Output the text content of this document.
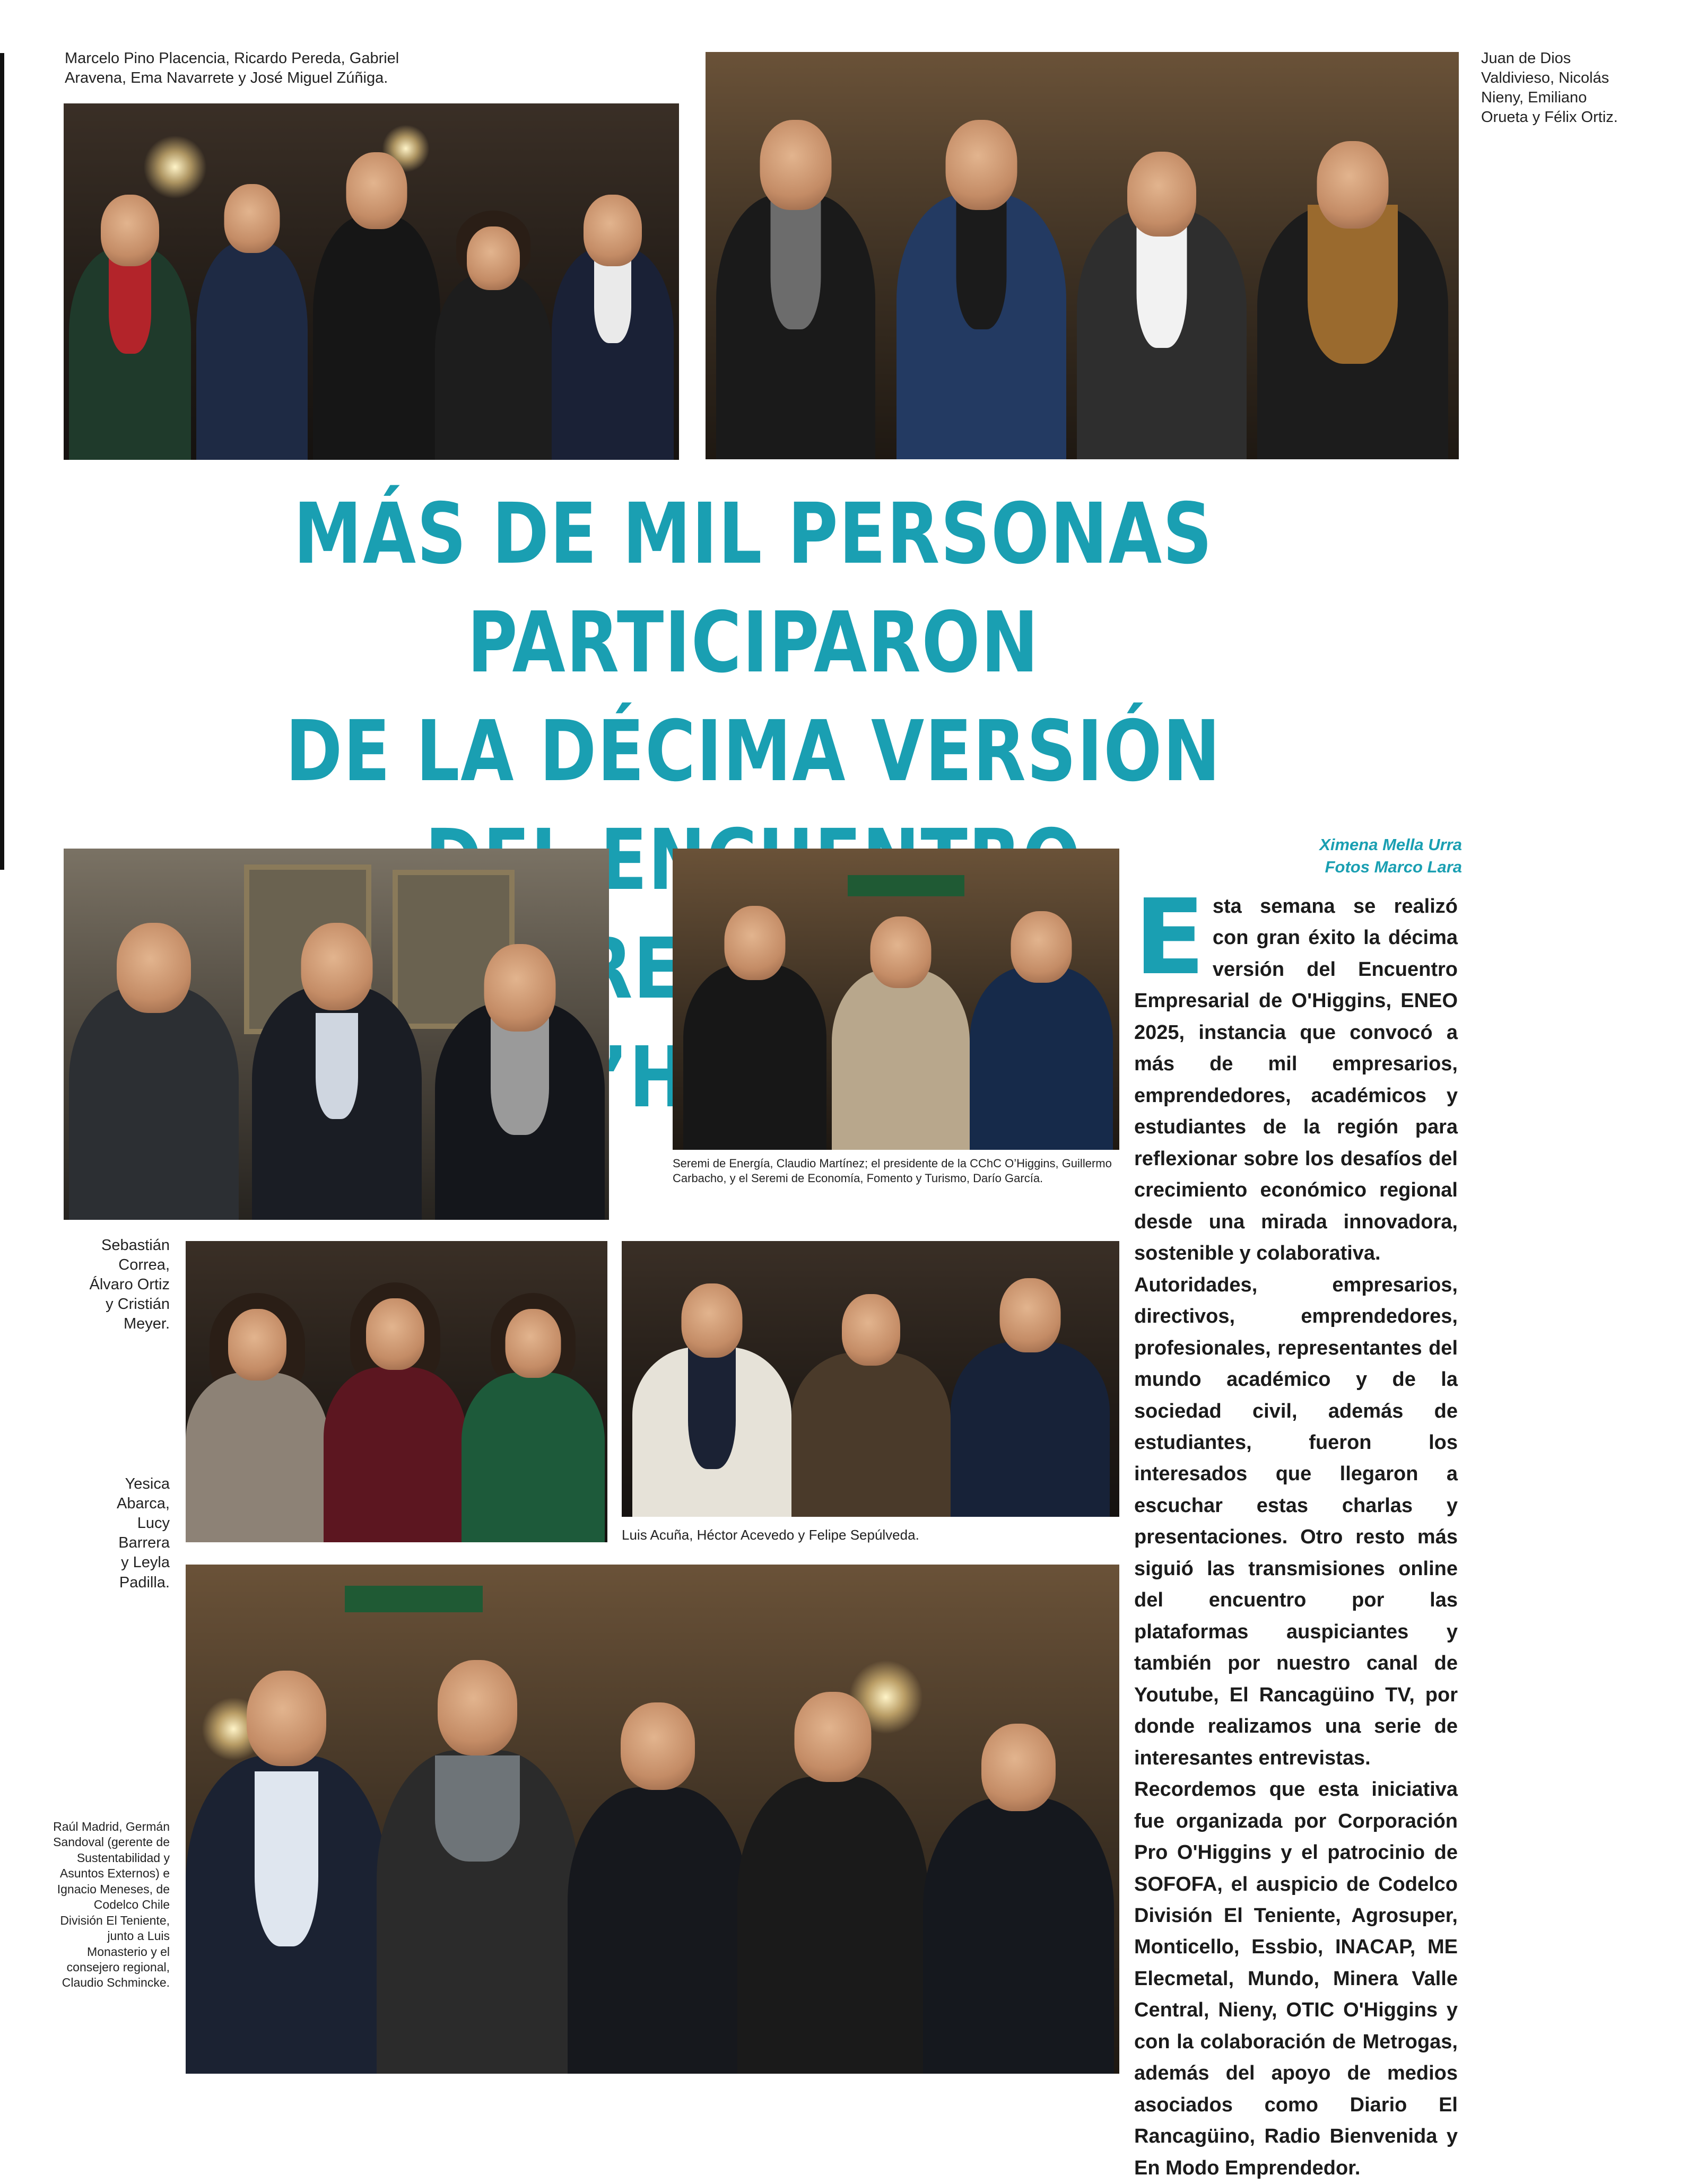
Marcelo Pino Placencia, Ricardo Pereda, Gabriel Aravena, Ema Navarrete y José Miguel Zúñiga.
Juan de Dios Valdivieso, Nicolás Nieny, Emiliano Orueta y Félix Ortiz.
MÁS DE MIL PERSONAS PARTICIPARON
DE LA DÉCIMA VERSIÓN
Sebastián Correa, Álvaro Ortiz y Cristián Meyer.
Seremi de Energía, Claudio Martínez; el presidente de la CChC O’Higgins, Guillermo Carbacho, y el Seremi de Economía, Fomento y Turismo, Darío García.
Yesica Abarca, Lucy Barrera y Leyla Padilla.
Luis Acuña, Héctor Acevedo y Felipe Sepúlveda.
Raúl Madrid, Germán Sandoval (gerente de Sustentabilidad y Asuntos Externos) e Ignacio Meneses, de Codelco Chile División El Teniente, junto a Luis Monasterio y el consejero regional, Claudio Schmincke.
Ximena Mella Urra
Fotos Marco Lara

Esta semana se realizó con gran éxito la décima versión del Encuentro Empresarial de O'Higgins, ENEO 2025, instancia que convocó a más de mil empresarios, emprendedores, académicos y estudiantes de la región para reflexionar sobre los desafíos del crecimiento económico regional desde una mirada innovadora, sostenible y colaborativa.

Autoridades, empresarios, directivos, emprendedores, profesionales, representantes del mundo académico y de la sociedad civil, además de estudiantes, fueron los interesados que llegaron a escuchar estas charlas y presentaciones. Otro resto más siguió las transmisiones online del encuentro por las plataformas auspiciantes y también por nuestro canal de Youtube, El Rancagüino TV, por donde realizamos una serie de interesantes entrevistas.

Recordemos que esta iniciativa fue organizada por Corporación Pro O'Higgins y el patrocinio de SOFOFA, el auspicio de Codelco División El Teniente, Agrosuper, Monticello, Essbio, INACAP, ME Elecmetal, Mundo, Minera Valle Central, Nieny, OTIC O'Higgins y con la colaboración de Metrogas, además del apoyo de medios asociados como Diario El Rancagüino, Radio Bienvenida y En Modo Emprendedor.
